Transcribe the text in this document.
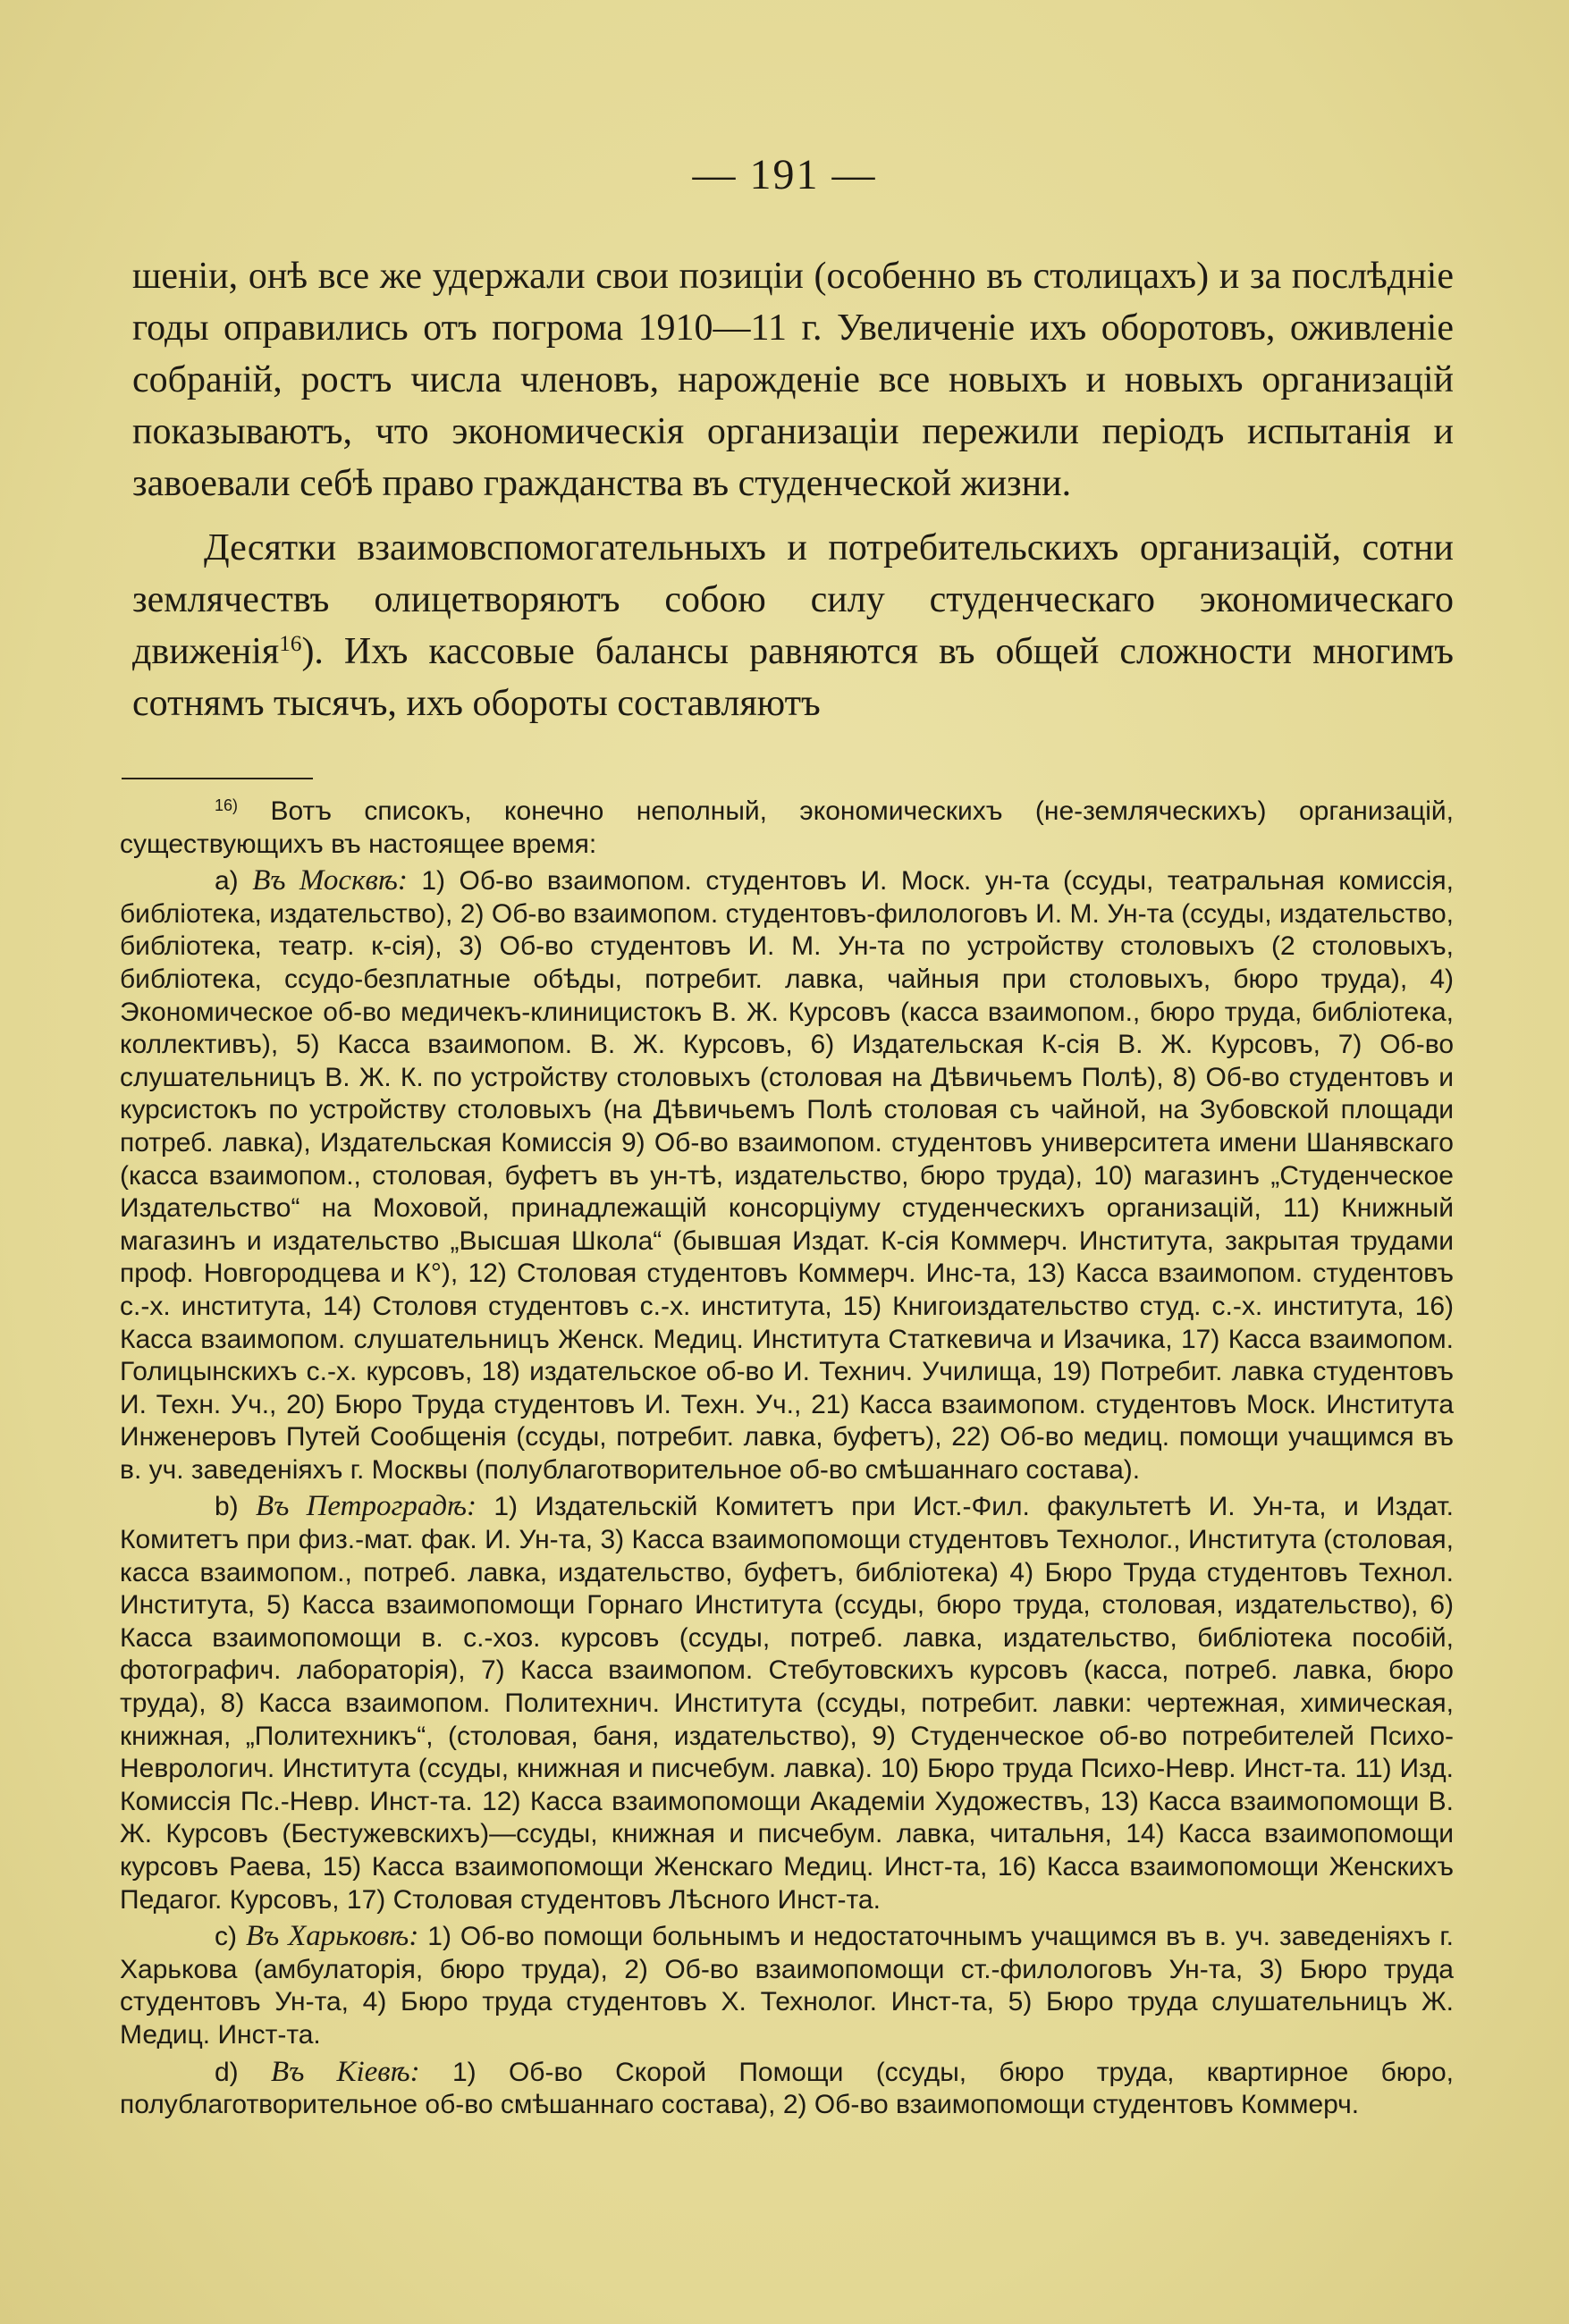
— 191 —

шенiи, онѣ все же удержали свои позицiи (особенно въ столицахъ) и за послѣднiе годы оправились отъ погрома 1910—11 г. Увеличенiе ихъ оборотовъ, оживленiе собранiй, ростъ числа членовъ, нарожденiе все новыхъ и новыхъ организацiй показываютъ, что экономическiя организацiи пережили перiодъ испытанiя и завоевали себѣ право гражданства въ студенческой жизни.

Десятки взаимовспомогательныхъ и потребительскихъ организацiй, сотни землячествъ олицетворяютъ собою силу студенческаго экономическаго движенiя$^{16}$). Ихъ кассовые балансы равняются въ общей сложности многимъ сотнямъ тысячъ, ихъ обороты составляютъ

$^{16)}$ Вотъ списокъ, конечно неполный, экономическихъ (не-земляческихъ) организацiй, существующихъ въ настоящее время:

а) Въ Москвѣ: 1) Об-во взаимопом. студентовъ И. Моск. ун-та (ссуды, театральная комиссiя, библiотека, издательство), 2) Об-во взаимопом. студентовъ-филологовъ И. М. Ун-та (ссуды, издательство, библiотека, театр. к-сiя), 3) Об-во студентовъ И. М. Ун-та по устройству столовыхъ (2 столовыхъ, библiотека, ссудо-безплатные обѣды, потребит. лавка, чайныя при столовыхъ, бюро труда), 4) Экономическое об-во медичекъ-клиницистокъ В. Ж. Курсовъ (касса взаимопом., бюро труда, библiотека, коллективъ), 5) Касса взаимопом. В. Ж. Курсовъ, 6) Издательская К-сiя В. Ж. Курсовъ, 7) Об-во слушательницъ В. Ж. К. по устройству столовыхъ (столовая на Дѣвичьемъ Полѣ), 8) Об-во студентовъ и курсистокъ по устройству столовыхъ (на Дѣвичьемъ Полѣ столовая съ чайной, на Зубовской площади потреб. лавка), Издательская Комиссiя 9) Об-во взаимопом. студентовъ университета имени Шанявскаго (касса взаимопом., столовая, буфетъ въ ун-тѣ, издательство, бюро труда), 10) магазинъ „Студенческое Издательство“ на Моховой, принадлежащiй консорцiуму студенческихъ организацiй, 11) Книжный магазинъ и издательство „Высшая Школа“ (бывшая Издат. К-сiя Коммерч. Института, закрытая трудами проф. Новгородцева и К°), 12) Столовая студентовъ Коммерч. Инс-та, 13) Касса взаимопом. студентовъ с.-х. института, 14) Столовя студентовъ с.-х. института, 15) Книгоиздательство студ. с.-х. института, 16) Касса взаимопом. слушательницъ Женск. Медиц. Института Статкевича и Изачика, 17) Касса взаимопом. Голицынскихъ с.-х. курсовъ, 18) издательское об-во И. Технич. Училища, 19) Потребит. лавка студентовъ И. Техн. Уч., 20) Бюро Труда студентовъ И. Техн. Уч., 21) Касса взаимопом. студентовъ Моск. Института Инженеровъ Путей Сообщенiя (ссуды, потребит. лавка, буфетъ), 22) Об-во медиц. помощи учащимся въ в. уч. заведенiяхъ г. Москвы (полублаготворительное об-во смѣшаннаго состава).

b) Въ Петроградѣ: 1) Издательскiй Комитетъ при Ист.-Фил. факультетѣ И. Ун-та, и Издат. Комитетъ при физ.-мат. фак. И. Ун-та, 3) Касса взаимопомощи студентовъ Технолог., Института (столовая, касса взаимопом., потреб. лавка, издательство, буфетъ, библiотека) 4) Бюро Труда студентовъ Технол. Института, 5) Касса взаимопомощи Горнаго Института (ссуды, бюро труда, столовая, издательство), 6) Касса взаимопомощи в. с.-хоз. курсовъ (ссуды, потреб. лавка, издательство, библiотека пособiй, фотографич. лабораторiя), 7) Касса взаимопом. Стебутовскихъ курсовъ (касса, потреб. лавка, бюро труда), 8) Касса взаимопом. Политехнич. Института (ссуды, потребит. лавки: чертежная, химическая, книжная, „Политехникъ“, (столовая, баня, издательство), 9) Студенческое об-во потребителей Психо-Неврологич. Института (ссуды, книжная и писчебум. лавка). 10) Бюро труда Психо-Невр. Инст-та. 11) Изд. Комиссiя Пс.-Невр. Инст-та. 12) Касса взаимопомощи Академiи Художествъ, 13) Касса взаимопомощи В. Ж. Курсовъ (Бестужевскихъ)—ссуды, книжная и писчебум. лавка, читальня, 14) Касса взаимопомощи курсовъ Раева, 15) Касса взаимопомощи Женскаго Медиц. Инст-та, 16) Касса взаимопомощи Женскихъ Педагог. Курсовъ, 17) Столовая студентовъ Лѣсного Инст-та.

с) Въ Харьковѣ: 1) Об-во помощи больнымъ и недостаточнымъ учащимся въ в. уч. заведенiяхъ г. Харькова (амбулаторiя, бюро труда), 2) Об-во взаимопомощи ст.-филологовъ Ун-та, 3) Бюро труда студентовъ Ун-та, 4) Бюро труда студентовъ Х. Технолог. Инст-та, 5) Бюро труда слушательницъ Ж. Медиц. Инст-та.

d) Въ Кiевѣ: 1) Об-во Скорой Помощи (ссуды, бюро труда, квартирное бюро, полублаготворительное об-во смѣшаннаго состава), 2) Об-во взаимопомощи студентовъ Коммерч.
